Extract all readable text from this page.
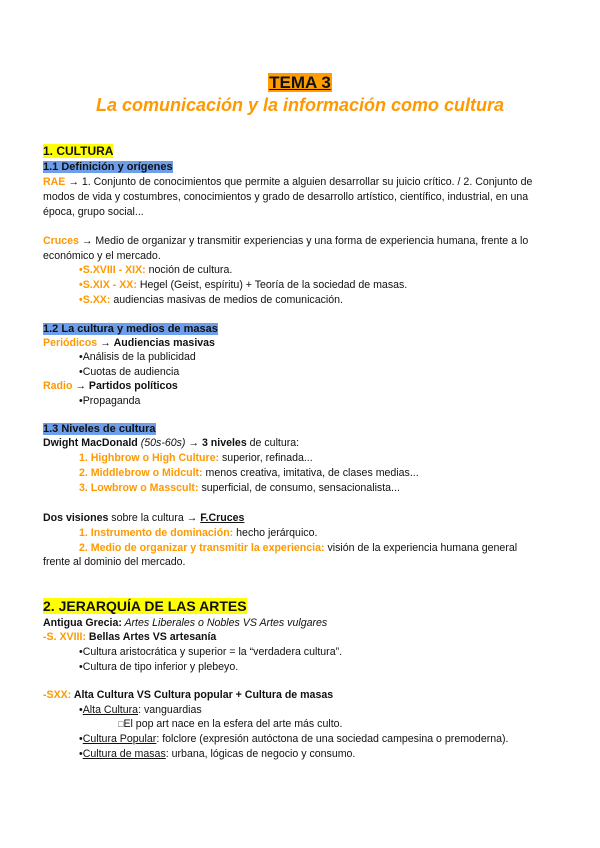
TEMA 3
La comunicación y la información como cultura
1. CULTURA
1.1 Definición y orígenes
RAE → 1. Conjunto de conocimientos que permite a alguien desarrollar su juicio crítico. / 2. Conjunto de
modos de vida y costumbres, conocimientos y grado de desarrollo artístico, científico, industrial, en una
época, grupo social...
Cruces → Medio de organizar y transmitir experiencias y una forma de experiencia humana, frente a lo
económico y el mercado.
•S.XVIII - XIX: noción de cultura.
•S.XIX - XX: Hegel (Geist, espíritu) + Teoría de la sociedad de masas.
•S.XX: audiencias masivas de medios de comunicación.
1.2 La cultura y medios de masas
Periódicos → Audiencias masivas
•Análisis de la publicidad
•Cuotas de audiencia
Radio → Partidos políticos
•Propaganda
1.3 Niveles de cultura
Dwight MacDonald (50s-60s) → 3 niveles de cultura:
1. Highbrow o High Culture: superior, refinada...
2. Middlebrow o Midcult: menos creativa, imitativa, de clases medias...
3. Lowbrow o Masscult: superficial, de consumo, sensacionalista...
Dos visiones sobre la cultura → F.Cruces
1. Instrumento de dominación: hecho jerárquico.
2. Medio de organizar y transmitir la experiencia: visión de la experiencia humana general
frente al dominio del mercado.
2. JERARQUÍA DE LAS ARTES
Antigua Grecia: Artes Liberales o Nobles VS Artes vulgares
-S. XVIII: Bellas Artes VS artesanía
•Cultura aristocrática y superior = la “verdadera cultura”.
•Cultura de tipo inferior y plebeyo.
-SXX: Alta Cultura VS Cultura popular + Cultura de masas
•Alta Cultura: vanguardias
□El pop art nace en la esfera del arte más culto.
•Cultura Popular: folclore (expresión autóctona de una sociedad campesina o premoderna).
•Cultura de masas: urbana, lógicas de negocio y consumo.
